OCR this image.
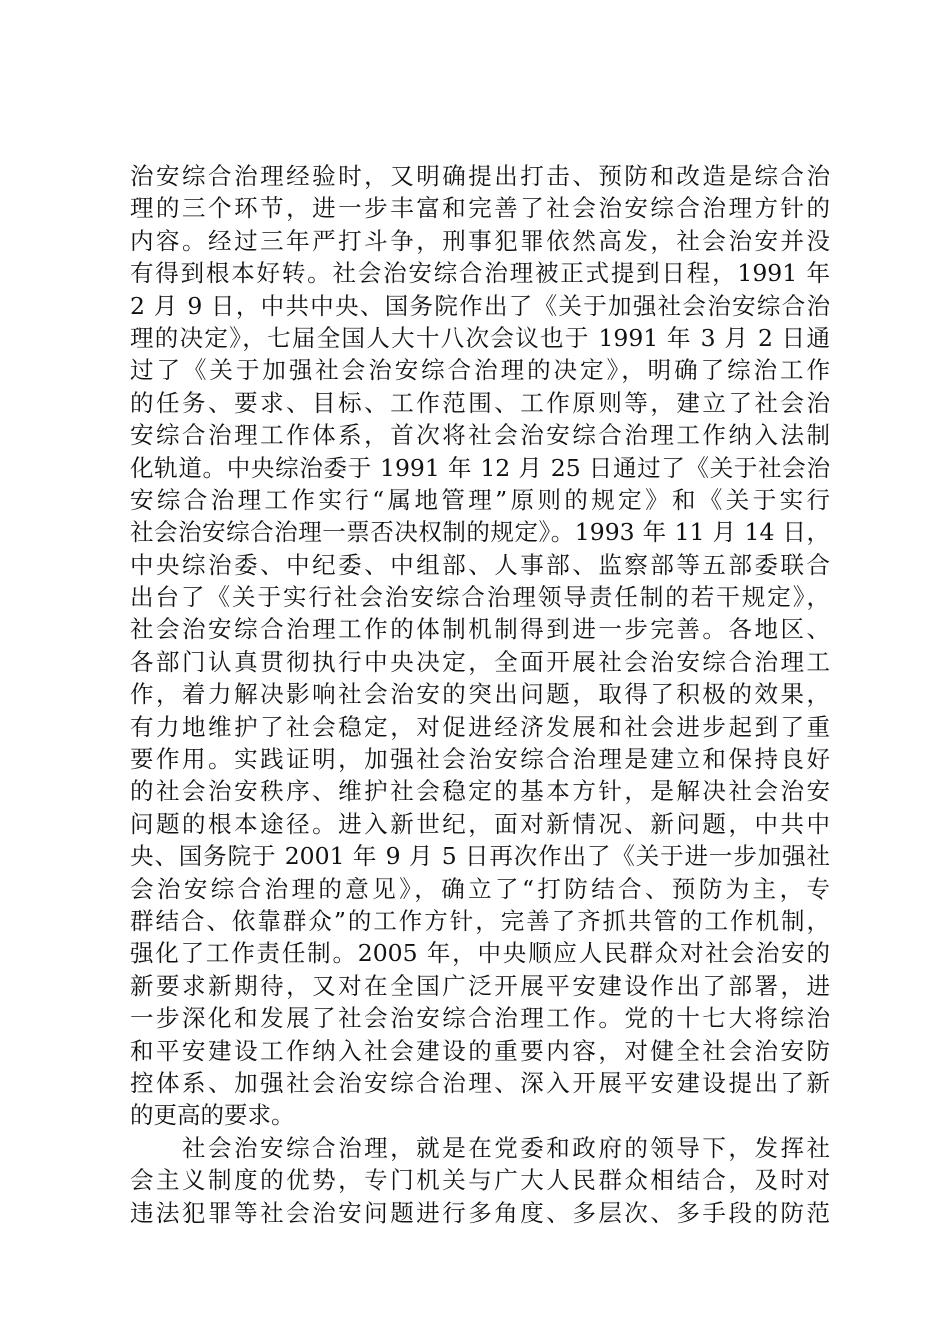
治安综合治理经验时，又明确提出打击、预防和改造是综合治
理的三个环节，进一步丰富和完善了社会治安综合治理方针的
内容。经过三年严打斗争，刑事犯罪依然高发，社会治安并没
有得到根本好转。社会治安综合治理被正式提到日程，1991 年
2 月 9 日，中共中央、国务院作出了《关于加强社会治安综合治
理的决定》，七届全国人大十八次会议也于 1991 年 3 月 2 日通
过了《关于加强社会治安综合治理的决定》，明确了综治工作
的任务、要求、目标、工作范围、工作原则等，建立了社会治
安综合治理工作体系，首次将社会治安综合治理工作纳入法制
化轨道。中央综治委于 1991 年 12 月 25 日通过了《关于社会治
安综合治理工作实行“属地管理”原则的规定》和《关于实行
社会治安综合治理一票否决权制的规定》。1993 年 11 月 14 日，
中央综治委、中纪委、中组部、人事部、监察部等五部委联合
出台了《关于实行社会治安综合治理领导责任制的若干规定》，
社会治安综合治理工作的体制机制得到进一步完善。各地区、
各部门认真贯彻执行中央决定，全面开展社会治安综合治理工
作，着力解决影响社会治安的突出问题，取得了积极的效果，
有力地维护了社会稳定，对促进经济发展和社会进步起到了重
要作用。实践证明，加强社会治安综合治理是建立和保持良好
的社会治安秩序、维护社会稳定的基本方针，是解决社会治安
问题的根本途径。进入新世纪，面对新情况、新问题，中共中
央、国务院于 2001 年 9 月 5 日再次作出了《关于进一步加强社
会治安综合治理的意见》，确立了“打防结合、预防为主，专
群结合、依靠群众”的工作方针，完善了齐抓共管的工作机制，
强化了工作责任制。2005 年，中央顺应人民群众对社会治安的
新要求新期待，又对在全国广泛开展平安建设作出了部署，进
一步深化和发展了社会治安综合治理工作。党的十七大将综治
和平安建设工作纳入社会建设的重要内容，对健全社会治安防
控体系、加强社会治安综合治理、深入开展平安建设提出了新
的更高的要求。
社会治安综合治理，就是在党委和政府的领导下，发挥社
会主义制度的优势，专门机关与广大人民群众相结合，及时对
违法犯罪等社会治安问题进行多角度、多层次、多手段的防范
